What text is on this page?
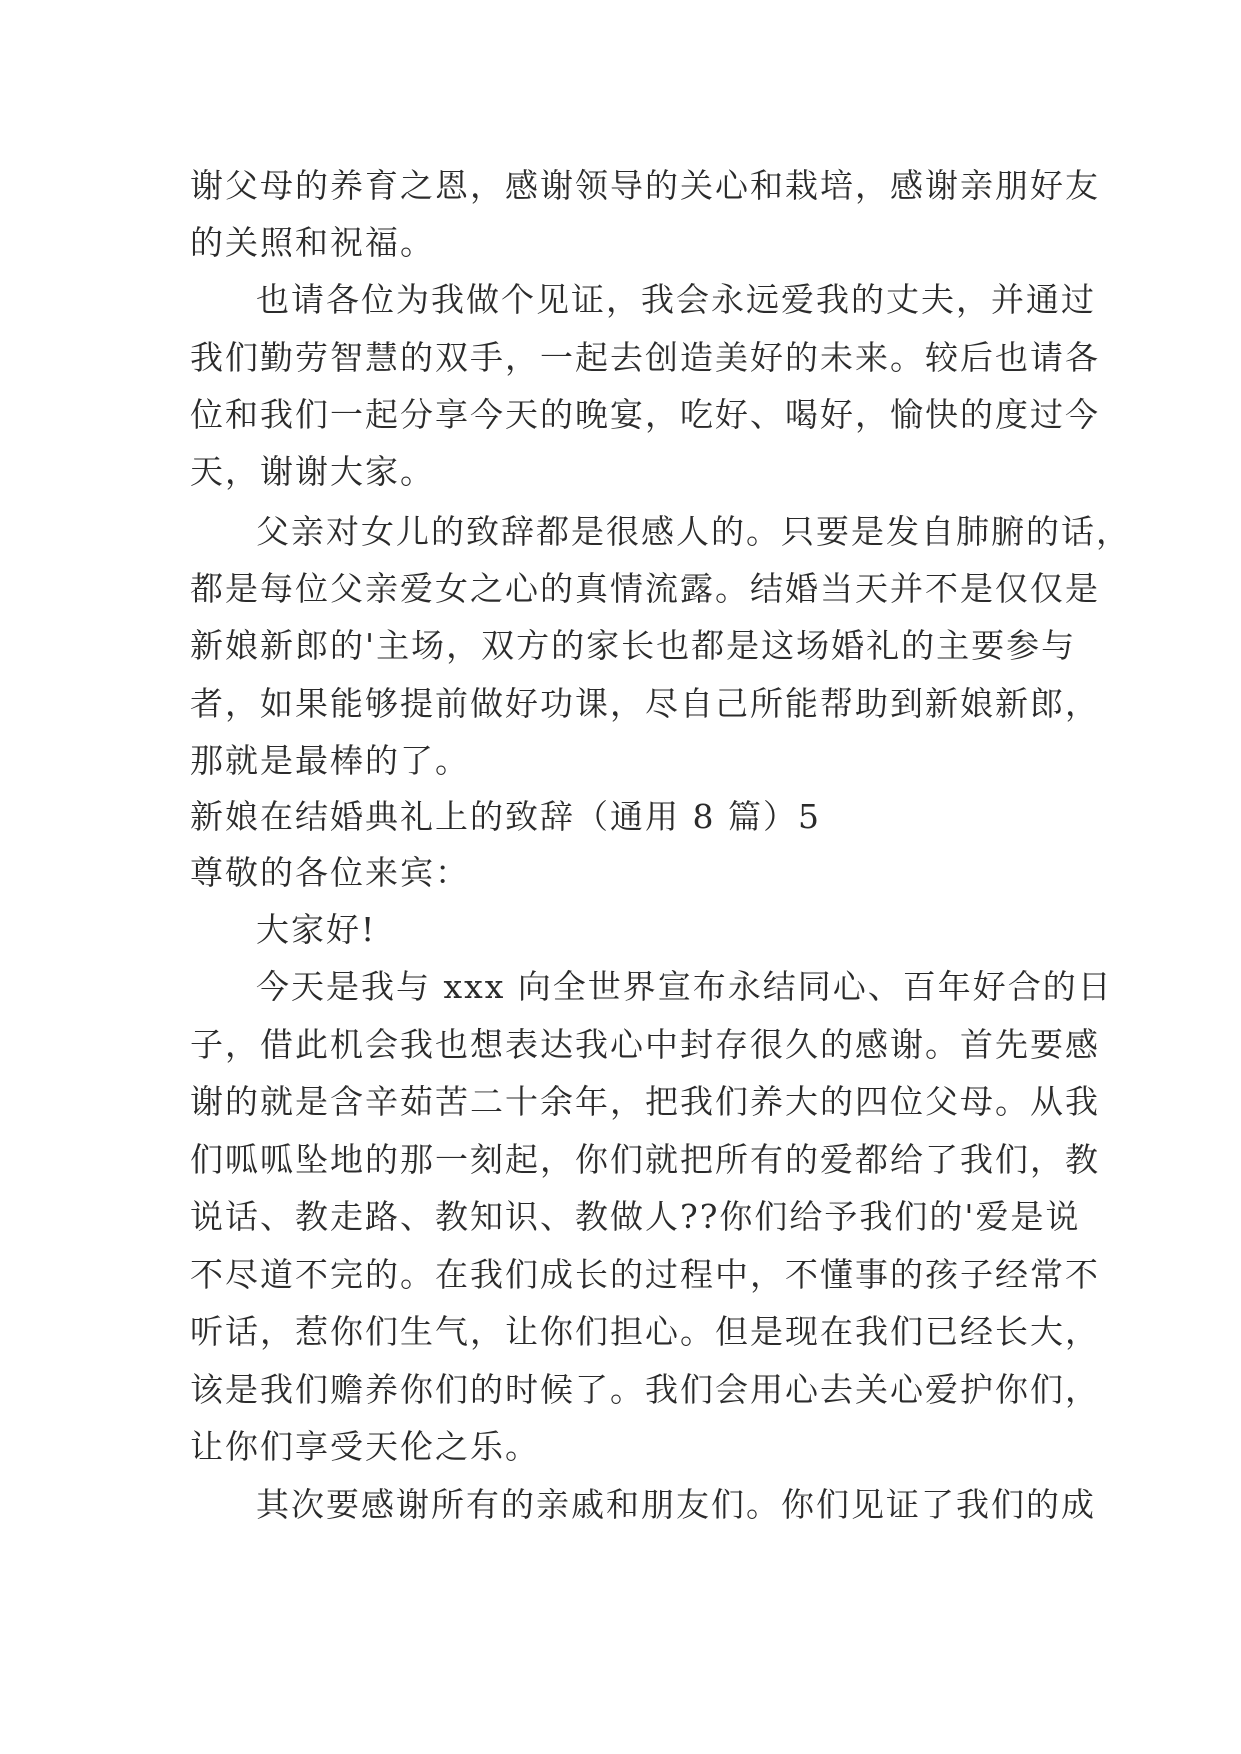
谢父母的养育之恩，感谢领导的关心和栽培，感谢亲朋好友
的关照和祝福。
也请各位为我做个见证，我会永远爱我的丈夫，并通过
我们勤劳智慧的双手，一起去创造美好的未来。较后也请各
位和我们一起分享今天的晚宴，吃好、喝好，愉快的度过今
天，谢谢大家。
父亲对女儿的致辞都是很感人的。只要是发自肺腑的话，
都是每位父亲爱女之心的真情流露。结婚当天并不是仅仅是
新娘新郎的'主场，双方的家长也都是这场婚礼的主要参与
者，如果能够提前做好功课，尽自己所能帮助到新娘新郎，
那就是最棒的了。
新娘在结婚典礼上的致辞（通用 8 篇）5
尊敬的各位来宾：
大家好!
今天是我与 xxx 向全世界宣布永结同心、百年好合的日
子，借此机会我也想表达我心中封存很久的感谢。首先要感
谢的就是含辛茹苦二十余年，把我们养大的四位父母。从我
们呱呱坠地的那一刻起，你们就把所有的爱都给了我们，教
说话、教走路、教知识、教做人??你们给予我们的'爱是说
不尽道不完的。在我们成长的过程中，不懂事的孩子经常不
听话，惹你们生气，让你们担心。但是现在我们已经长大，
该是我们赡养你们的时候了。我们会用心去关心爱护你们，
让你们享受天伦之乐。
其次要感谢所有的亲戚和朋友们。你们见证了我们的成
